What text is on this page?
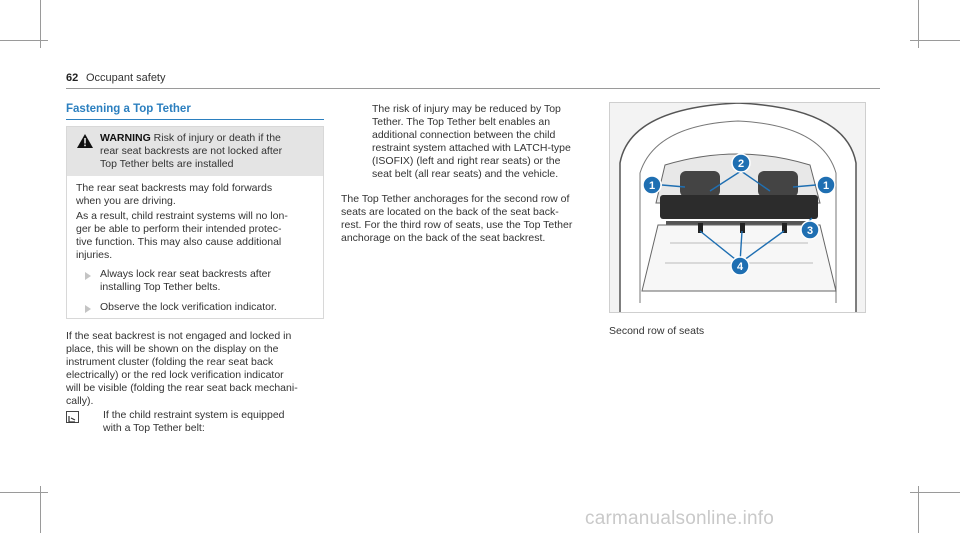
62 Occupant safety
Fastening a Top Tether
WARNING Risk of injury or death if the
rear seat backrests are not locked after
Top Tether belts are installed
The rear seat backrests may fold forwards
when you are driving.
As a result, child restraint systems will no lon-
ger be able to perform their intended protec-
tive function. This may also cause additional
injuries.
Always lock rear seat backrests after
installing Top Tether belts.
Observe the lock verification indicator.
If the seat backrest is not engaged and locked in
place, this will be shown on the display on the
instrument cluster (folding the rear seat back
electrically) or the red lock verification indicator
will be visible (folding the rear seat back mechani-
cally).
If the child restraint system is equipped
with a Top Tether belt:
The risk of injury may be reduced by Top
Tether. The Top Tether belt enables an
additional connection between the child
restraint system attached with LATCH-type
(ISOFIX) (left and right rear seats) or the
seat belt (all rear seats) and the vehicle.
The Top Tether anchorages for the second row of
seats are located on the back of the seat back-
rest. For the third row of seats, use the Top Tether
anchorage on the back of the seat backrest.
1
2
1
3
4
Second row of seats
carmanualsonline.info
